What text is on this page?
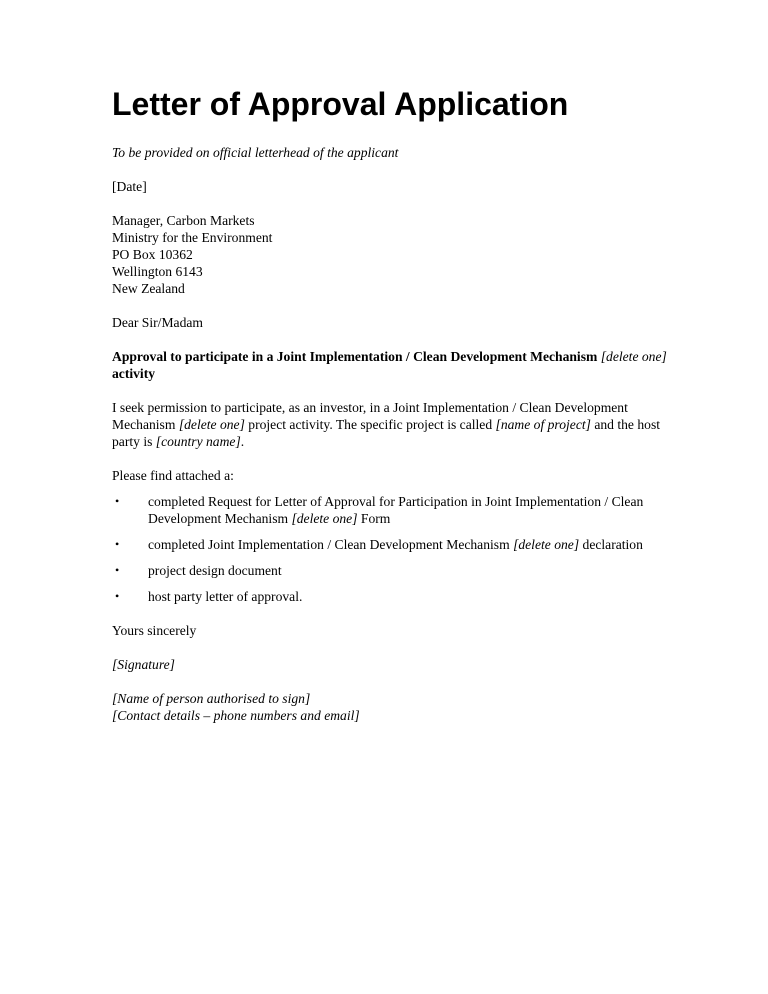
Letter of Approval Application

To be provided on official letterhead of the applicant

[Date]

Manager, Carbon Markets
Ministry for the Environment
PO Box 10362
Wellington 6143
New Zealand

Dear Sir/Madam

Approval to participate in a Joint Implementation / Clean Development Mechanism [delete one] activity

I seek permission to participate, as an investor, in a Joint Implementation / Clean Development Mechanism [delete one] project activity. The specific project is called [name of project] and the host party is [country name].

Please find attached a:

• completed Request for Letter of Approval for Participation in Joint Implementation / Clean Development Mechanism [delete one] Form
• completed Joint Implementation / Clean Development Mechanism [delete one] declaration
• project design document
• host party letter of approval.

Yours sincerely

[Signature]

[Name of person authorised to sign]
[Contact details – phone numbers and email]
